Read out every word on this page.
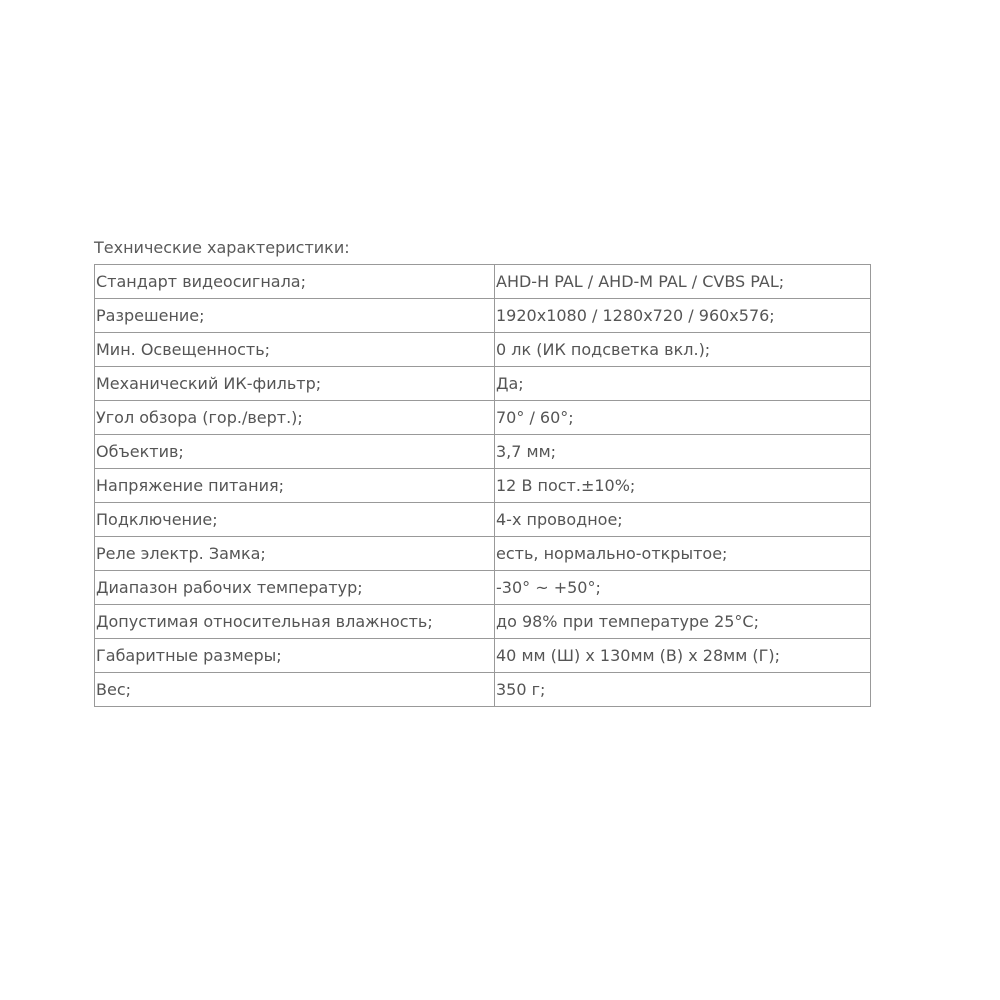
Технические характеристики:
Стандарт видеосигнала;	AHD-H PAL / AHD-M PAL / CVBS PAL;
Разрешение;	1920x1080 / 1280x720 / 960x576;
Мин. Освещенность;	0 лк (ИК подсветка вкл.);
Механический ИК-фильтр;	Да;
Угол обзора (гор./верт.);	70° / 60°;
Объектив;	3,7 мм;
Напряжение питания;	12 В пост.±10%;
Подключение;	4-х проводное;
Реле электр. Замка;	есть, нормально-открытое;
Диапазон рабочих температур;	-30° ~ +50°;
Допустимая относительная влажность;	до 98% при температуре 25°С;
Габаритные размеры;	40 мм (Ш) x 130мм (В) x 28мм (Г);
Вес;	350 г;
